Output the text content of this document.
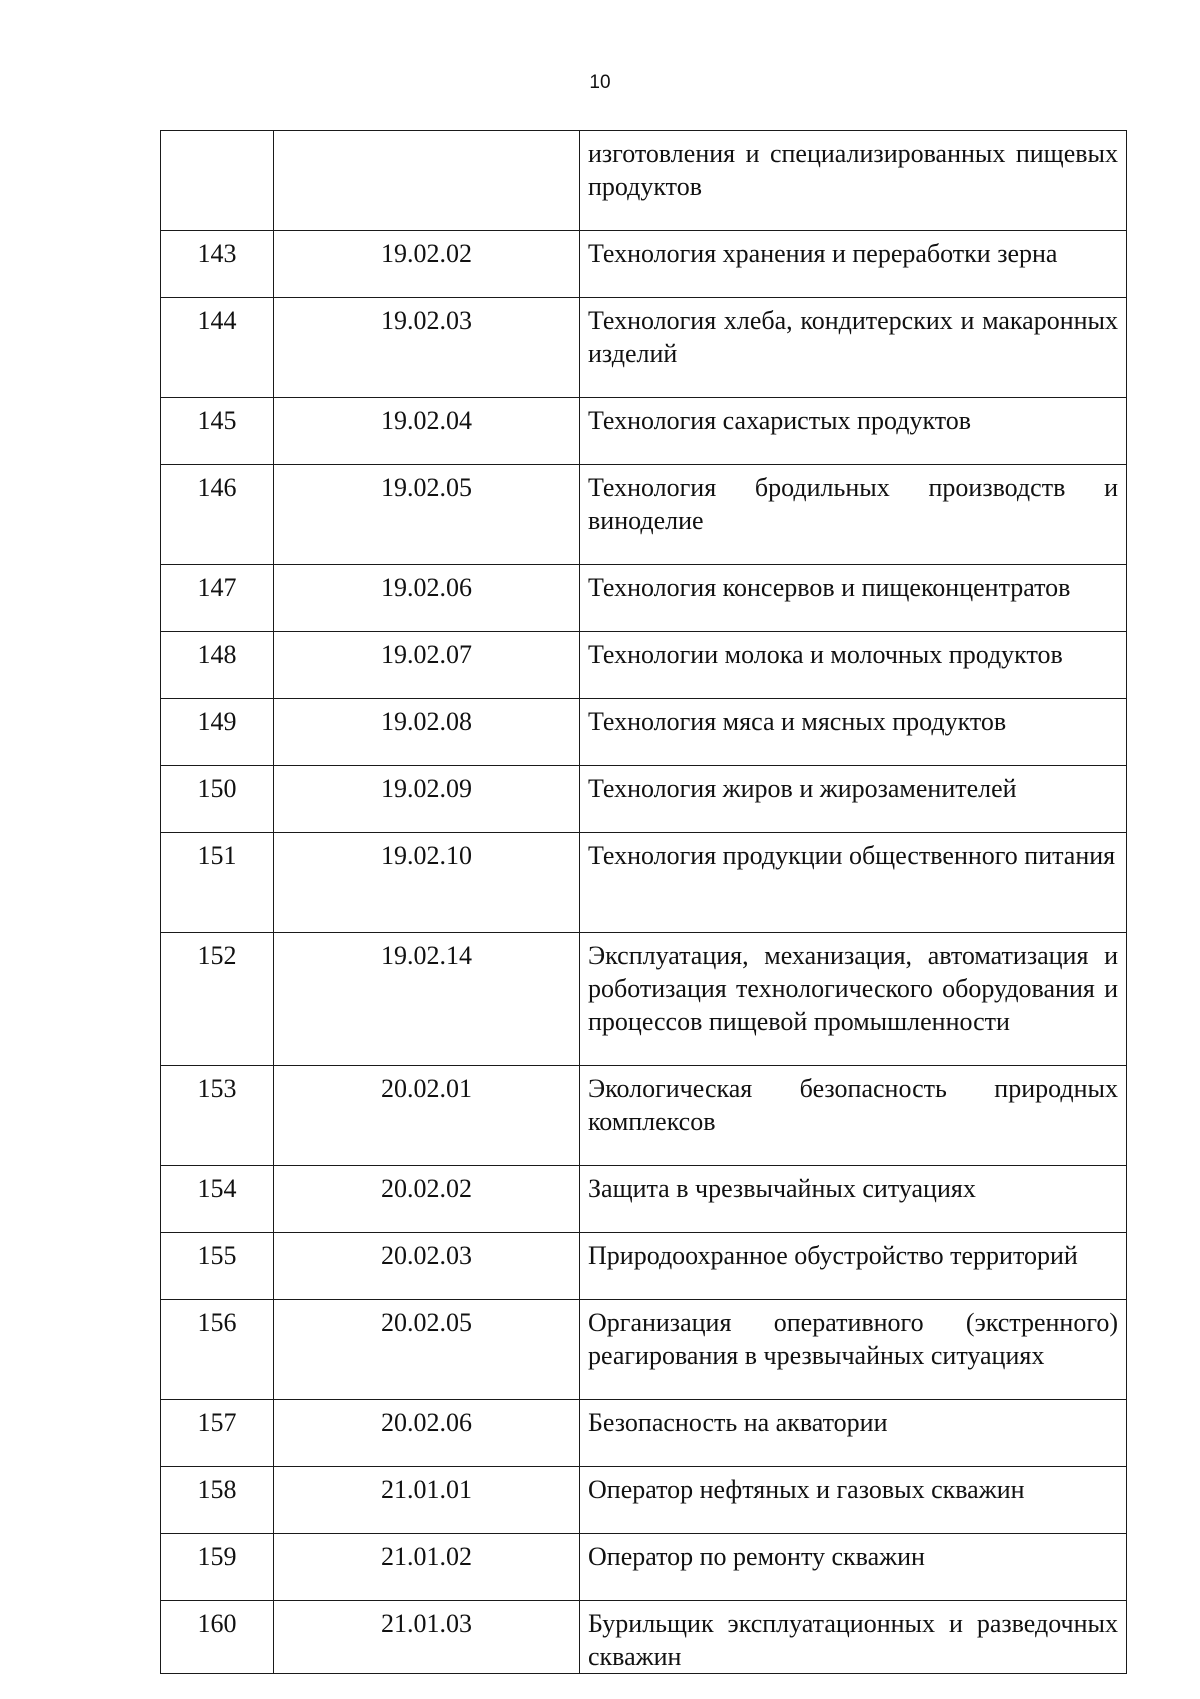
10
		изготовления и специализированных пищевых продуктов
143	19.02.02	Технология хранения и переработки зерна
144	19.02.03	Технология хлеба, кондитерских и макаронных изделий
145	19.02.04	Технология сахаристых продуктов
146	19.02.05	Технология бродильных производств и виноделие
147	19.02.06	Технология консервов и пищеконцентратов
148	19.02.07	Технологии молока и молочных продуктов
149	19.02.08	Технология мяса и мясных продуктов
150	19.02.09	Технология жиров и жирозаменителей
151	19.02.10	Технология продукции общественного питания
152	19.02.14	Эксплуатация, механизация, автоматизация и роботизация технологического оборудования и процессов пищевой промышленности
153	20.02.01	Экологическая безопасность природных комплексов
154	20.02.02	Защита в чрезвычайных ситуациях
155	20.02.03	Природоохранное обустройство территорий
156	20.02.05	Организация оперативного (экстренного) реагирования в чрезвычайных ситуациях
157	20.02.06	Безопасность на акватории
158	21.01.01	Оператор нефтяных и газовых скважин
159	21.01.02	Оператор по ремонту скважин
160	21.01.03	Бурильщик эксплуатационных и разведочных скважин
